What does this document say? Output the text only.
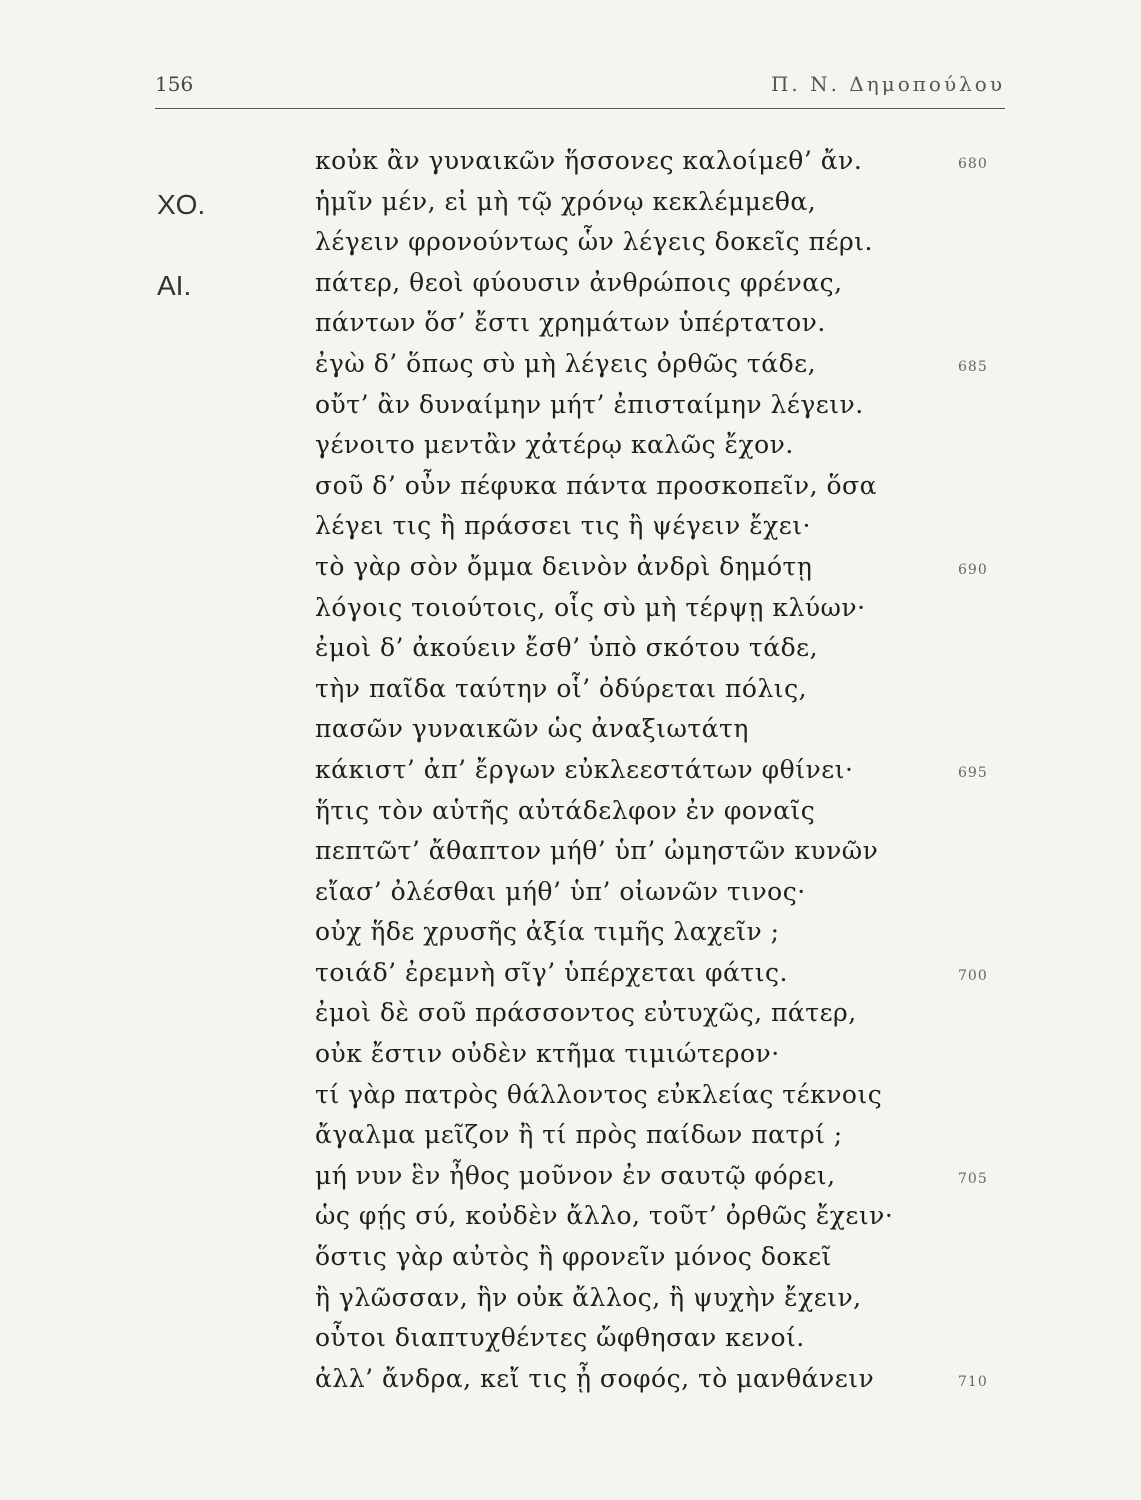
156	Π. Ν. Δημοπούλου
κοὐκ ἂν γυναικῶν ἥσσονες καλοίμεθ’ ἄν.	680
ΧΟ.	ἡμῖν μέν, εἰ μὴ τῷ χρόνῳ κεκλέμμεθα,
λέγειν φρονούντως ὧν λέγεις δοκεῖς πέρι.
ΑΙ.	πάτερ, θεοὶ φύουσιν ἀνθρώποις φρένας,
πάντων ὅσ’ ἔστι χρημάτων ὑπέρτατον.
ἐγὼ δ’ ὅπως σὺ μὴ λέγεις ὀρθῶς τάδε,	685
οὔτ’ ἂν δυναίμην μήτ’ ἐπισταίμην λέγειν.
γένοιτο μεντἂν χἀτέρῳ καλῶς ἔχον.
σοῦ δ’ οὖν πέφυκα πάντα προσκοπεῖν, ὅσα
λέγει τις ἢ πράσσει τις ἢ ψέγειν ἔχει·
τὸ γὰρ σὸν ὄμμα δεινὸν ἀνδρὶ δημότῃ	690
λόγοις τοιούτοις, οἷς σὺ μὴ τέρψῃ κλύων·
ἐμοὶ δ’ ἀκούειν ἔσθ’ ὑπὸ σκότου τάδε,
τὴν παῖδα ταύτην οἷ’ ὀδύρεται πόλις,
πασῶν γυναικῶν ὡς ἀναξιωτάτη
κάκιστ’ ἀπ’ ἔργων εὐκλεεστάτων φθίνει·	695
ἥτις τὸν αὑτῆς αὐτάδελφον ἐν φοναῖς
πεπτῶτ’ ἄθαπτον μήθ’ ὑπ’ ὠμηστῶν κυνῶν
εἴασ’ ὀλέσθαι μήθ’ ὑπ’ οἰωνῶν τινος·
οὐχ ἥδε χρυσῆς ἀξία τιμῆς λαχεῖν ;
τοιάδ’ ἐρεμνὴ σῖγ’ ὑπέρχεται φάτις.	700
ἐμοὶ δὲ σοῦ πράσσοντος εὐτυχῶς, πάτερ,
οὐκ ἔστιν οὐδὲν κτῆμα τιμιώτερον·
τί γὰρ πατρὸς θάλλοντος εὐκλείας τέκνοις
ἄγαλμα μεῖζον ἢ τί πρὸς παίδων πατρί ;
μή νυν ἓν ἦθος μοῦνον ἐν σαυτῷ φόρει,	705
ὡς φῄς σύ, κοὐδὲν ἄλλο, τοῦτ’ ὀρθῶς ἔχειν·
ὅστις γὰρ αὐτὸς ἢ φρονεῖν μόνος δοκεῖ
ἢ γλῶσσαν, ἣν οὐκ ἄλλος, ἢ ψυχὴν ἔχειν,
οὗτοι διαπτυχθέντες ὤφθησαν κενοί.
ἀλλ’ ἄνδρα, κεἴ τις ᾖ σοφός, τὸ μανθάνειν	710
